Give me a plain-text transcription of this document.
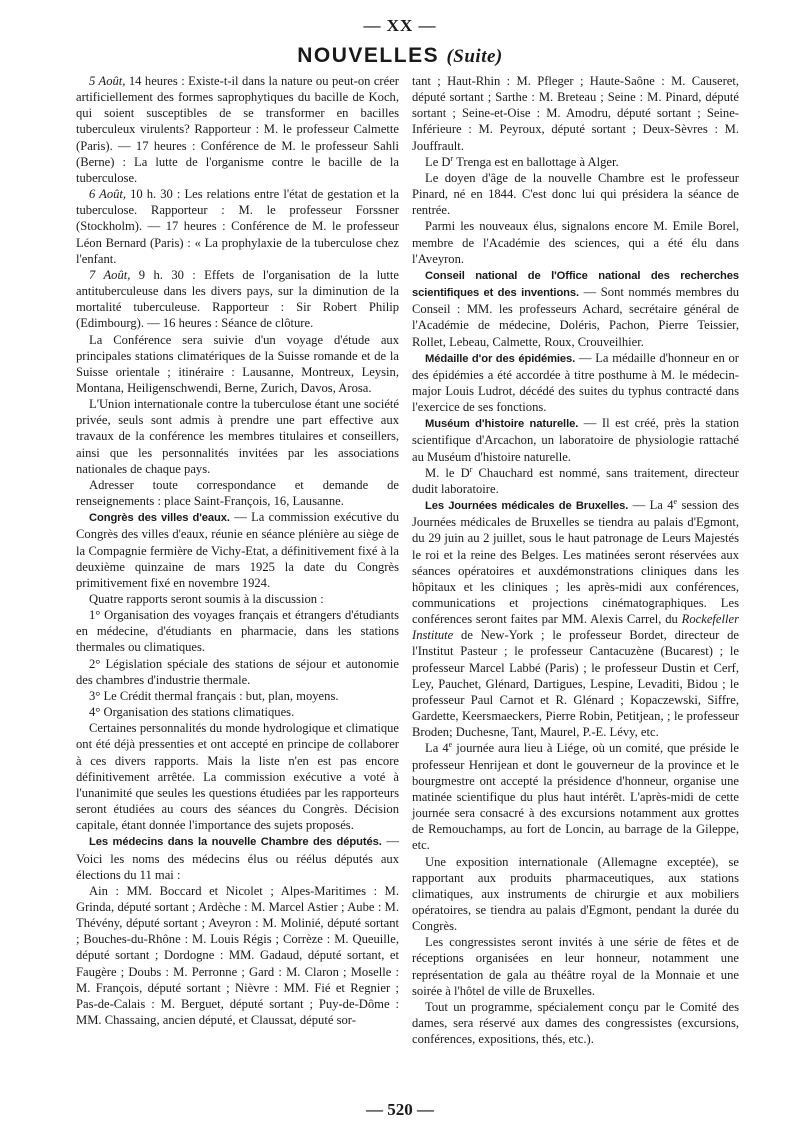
— XX —
NOUVELLES (Suite)

5 Août, 14 heures : Existe-t-il dans la nature ou peut-on créer artificiellement des formes saprophytiques du bacille de Koch, qui soient susceptibles de se transformer en bacilles tuberculeux virulents? Rapporteur : M. le professeur Calmette (Paris). — 17 heures : Conférence de M. le professeur Sahli (Berne) : La lutte de l'organisme contre le bacille de la tuberculose.

6 Août, 10 h. 30 : Les relations entre l'état de gestation et la tuberculose. Rapporteur : M. le professeur Forssner (Stockholm). — 17 heures : Conférence de M. le professeur Léon Bernard (Paris) : « La prophylaxie de la tuberculose chez l'enfant.

7 Août, 9 h. 30 : Effets de l'organisation de la lutte antituberculeuse dans les divers pays, sur la diminution de la mortalité tuberculeuse. Rapporteur : Sir Robert Philip (Edimbourg). — 16 heures : Séance de clôture.

La Conférence sera suivie d'un voyage d'étude aux principales stations climatériques de la Suisse romande et de la Suisse orientale ; itinéraire : Lausanne, Montreux, Leysin, Montana, Heiligenschwendi, Berne, Zurich, Davos, Arosa.

L'Union internationale contre la tuberculose étant une société privée, seuls sont admis à prendre une part effective aux travaux de la conférence les membres titulaires et conseillers, ainsi que les personnalités invitées par les associations nationales de chaque pays.

Adresser toute correspondance et demande de renseignements : place Saint-François, 16, Lausanne.

Congrès des villes d'eaux. — La commission exécutive du Congrès des villes d'eaux, réunie en séance plénière au siège de la Compagnie fermière de Vichy-Etat, a définitivement fixé à la deuxième quinzaine de mars 1925 la date du Congrès primitivement fixé en novembre 1924.

Quatre rapports seront soumis à la discussion :

1° Organisation des voyages français et étrangers d'étudiants en médecine, d'étudiants en pharmacie, dans les stations thermales ou climatiques.

2° Législation spéciale des stations de séjour et autonomie des chambres d'industrie thermale.

3° Le Crédit thermal français : but, plan, moyens.

4° Organisation des stations climatiques.

Certaines personnalités du monde hydrologique et climatique ont été déjà pressenties et ont accepté en principe de collaborer à ces divers rapports. Mais la liste n'en est pas encore définitivement arrêtée. La commission exécutive a voté à l'unanimité que seules les questions étudiées par les rapporteurs seront étudiées au cours des séances du Congrès. Décision capitale, étant donnée l'importance des sujets proposés.

Les médecins dans la nouvelle Chambre des députés. — Voici les noms des médecins élus ou réélus députés aux élections du 11 mai :

Ain : MM. Boccard et Nicolet ; Alpes-Maritimes : M. Grinda, député sortant ; Ardèche : M. Marcel Astier ; Aube : M. Thévény, député sortant ; Aveyron : M. Molinié, député sortant ; Bouches-du-Rhône : M. Louis Régis ; Corrèze : M. Queuille, député sortant ; Dordogne : MM. Gadaud, député sortant, et Faugère ; Doubs : M. Perronne ; Gard : M. Claron ; Moselle : M. François, député sortant ; Nièvre : MM. Fié et Regnier ; Pas-de-Calais : M. Berguet, député sortant ; Puy-de-Dôme : MM. Chassaing, ancien député, et Claussat, député sor-

tant ; Haut-Rhin : M. Pfleger ; Haute-Saône : M. Causeret, député sortant ; Sarthe : M. Breteau ; Seine : M. Pinard, député sortant ; Seine-et-Oise : M. Amodru, député sortant ; Seine-Inférieure : M. Peyroux, député sortant ; Deux-Sèvres : M. Jouffrault.

Le $D^r$ Trenga est en ballottage à Alger.

Le doyen d'âge de la nouvelle Chambre est le professeur Pinard, né en 1844. C'est donc lui qui présidera la séance de rentrée.

Parmi les nouveaux élus, signalons encore M. Emile Borel, membre de l'Académie des sciences, qui a été élu dans l'Aveyron.

Conseil national de l'Office national des recherches scientifiques et des inventions. — Sont nommés membres du Conseil : MM. les professeurs Achard, secrétaire général de l'Académie de médecine, Doléris, Pachon, Pierre Teissier, Rollet, Lebeau, Calmette, Roux, Crouveilhier.

Médaille d'or des épidémies. — La médaille d'honneur en or des épidémies a été accordée à titre posthume à M. le médecin-major Louis Ludrot, décédé des suites du typhus contracté dans l'exercice de ses fonctions.

Muséum d'histoire naturelle. — Il est créé, près la station scientifique d'Arcachon, un laboratoire de physiologie rattaché au Muséum d'histoire naturelle.

M. le $D^r$ Chauchard est nommé, sans traitement, directeur dudit laboratoire.

Les Journées médicales de Bruxelles. — La 4e session des Journées médicales de Bruxelles se tiendra au palais d'Egmont, du 29 juin au 2 juillet, sous le haut patronage de Leurs Majestés le roi et la reine des Belges. Les matinées seront réservées aux séances opératoires et auxdémonstrations cliniques dans les hôpitaux et les cliniques ; les après-midi aux conférences, communications et projections cinématographiques. Les conférences seront faites par MM. Alexis Carrel, du Rockefeller Institute de New-York ; le professeur Bordet, directeur de l'Institut Pasteur ; le professeur Cantacuzène (Bucarest) ; le professeur Marcel Labbé (Paris) ; le professeur Dustin et Cerf, Ley, Pauchet, Glénard, Dartigues, Lespine, Levaditi, Bidou ; le professeur Paul Carnot et R. Glénard ; Kopaczewski, Siffre, Gardette, Keersmaeckers, Pierre Robin, Petitjean, ; le professeur Broden; Duchesne, Tant, Maurel, P.-E. Lévy, etc.

La 4e journée aura lieu à Liége, où un comité, que préside le professeur Henrijean et dont le gouverneur de la province et le bourgmestre ont accepté la présidence d'honneur, organise une matinée scientifique du plus haut intérêt. L'après-midi de cette journée sera consacré à des excursions notamment aux grottes de Remouchamps, au fort de Loncin, au barrage de la Gileppe, etc.

Une exposition internationale (Allemagne exceptée), se rapportant aux produits pharmaceutiques, aux stations climatiques, aux instruments de chirurgie et aux mobiliers opératoires, se tiendra au palais d'Egmont, pendant la durée du Congrès.

Les congressistes seront invités à une série de fêtes et de réceptions organisées en leur honneur, notamment une représentation de gala au théâtre royal de la Monnaie et une soirée à l'hôtel de ville de Bruxelles.

Tout un programme, spécialement conçu par le Comité des dames, sera réservé aux dames des congressistes (excursions, conférences, expositions, thés, etc.).

— 520 —
